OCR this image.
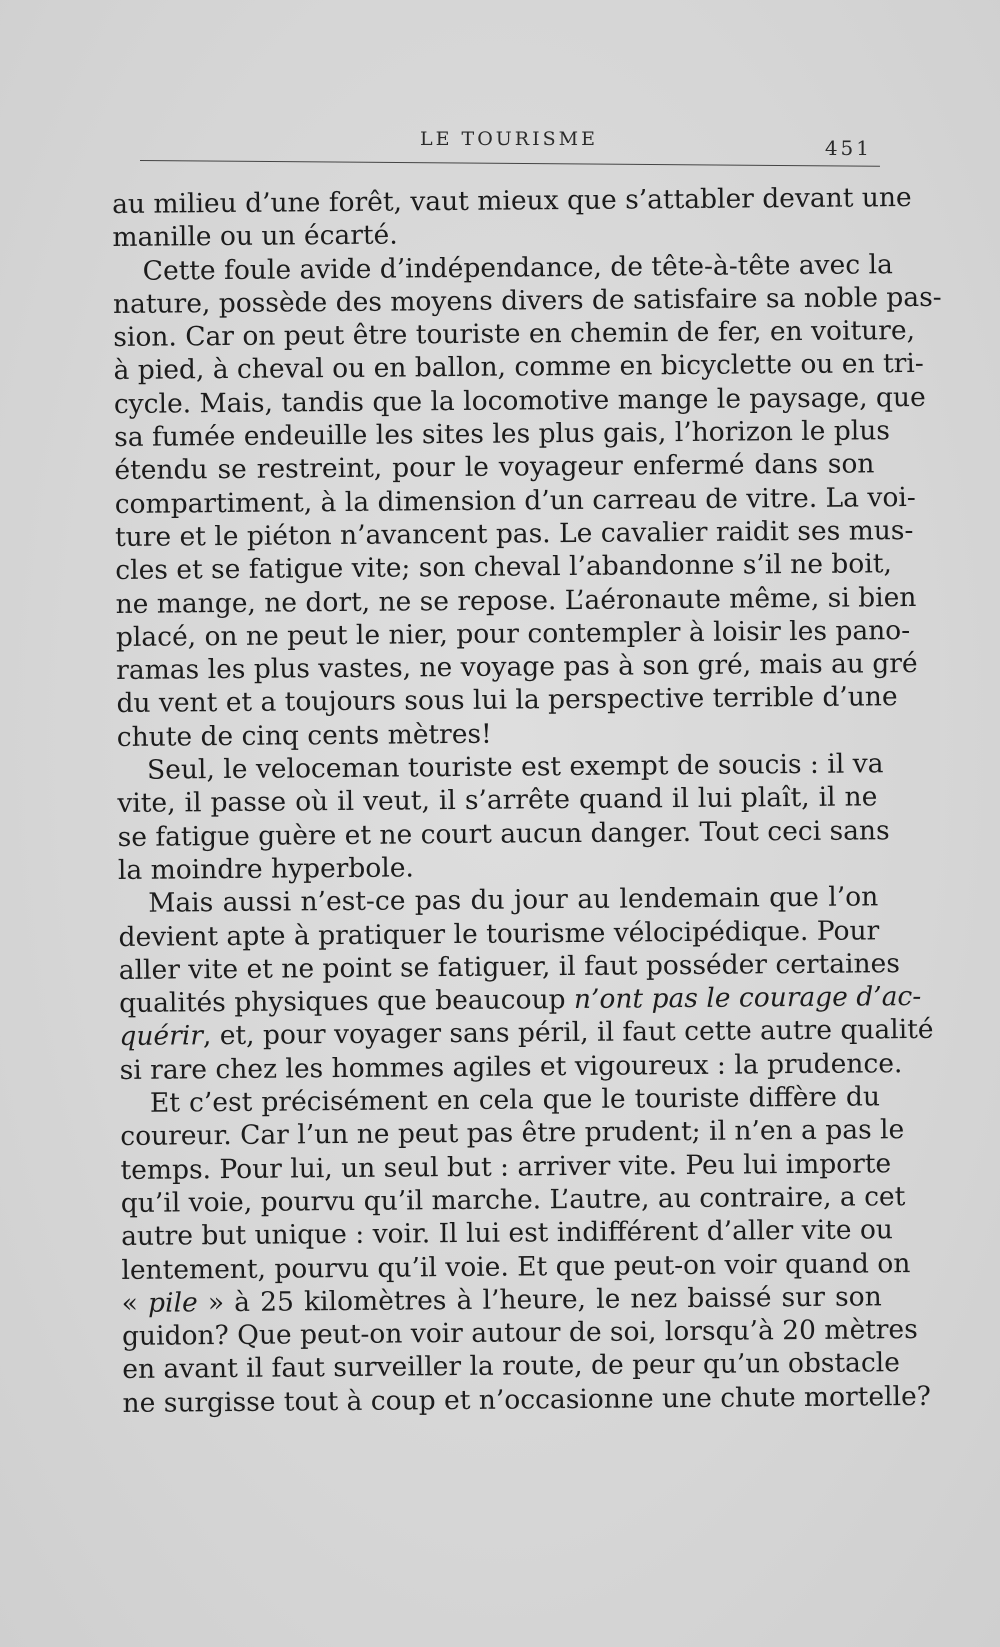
LE TOURISME	451
au milieu d’une forêt, vaut mieux que s’attabler devant une
manille ou un écarté.
Cette foule avide d’indépendance, de tête-à-tête avec la
nature, possède des moyens divers de satisfaire sa noble pas-
sion. Car on peut être touriste en chemin de fer, en voiture,
à pied, à cheval ou en ballon, comme en bicyclette ou en tri-
cycle. Mais, tandis que la locomotive mange le paysage, que
sa fumée endeuille les sites les plus gais, l’horizon le plus
étendu se restreint, pour le voyageur enfermé dans son
compartiment, à la dimension d’un carreau de vitre. La voi-
ture et le piéton n’avancent pas. Le cavalier raidit ses mus-
cles et se fatigue vite; son cheval l’abandonne s’il ne boit,
ne mange, ne dort, ne se repose. L’aéronaute même, si bien
placé, on ne peut le nier, pour contempler à loisir les pano-
ramas les plus vastes, ne voyage pas à son gré, mais au gré
du vent et a toujours sous lui la perspective terrible d’une
chute de cinq cents mètres!
Seul, le veloceman touriste est exempt de soucis : il va
vite, il passe où il veut, il s’arrête quand il lui plaît, il ne
se fatigue guère et ne court aucun danger. Tout ceci sans
la moindre hyperbole.
Mais aussi n’est-ce pas du jour au lendemain que l’on
devient apte à pratiquer le tourisme vélocipédique. Pour
aller vite et ne point se fatiguer, il faut posséder certaines
qualités physiques que beaucoup n’ont pas le courage d’ac-
quérir, et, pour voyager sans péril, il faut cette autre qualité
si rare chez les hommes agiles et vigoureux : la prudence.
Et c’est précisément en cela que le touriste diffère du
coureur. Car l’un ne peut pas être prudent; il n’en a pas le
temps. Pour lui, un seul but : arriver vite. Peu lui importe
qu’il voie, pourvu qu’il marche. L’autre, au contraire, a cet
autre but unique : voir. Il lui est indifférent d’aller vite ou
lentement, pourvu qu’il voie. Et que peut-on voir quand on
« pile » à 25 kilomètres à l’heure, le nez baissé sur son
guidon? Que peut-on voir autour de soi, lorsqu’à 20 mètres
en avant il faut surveiller la route, de peur qu’un obstacle
ne surgisse tout à coup et n’occasionne une chute mortelle?
